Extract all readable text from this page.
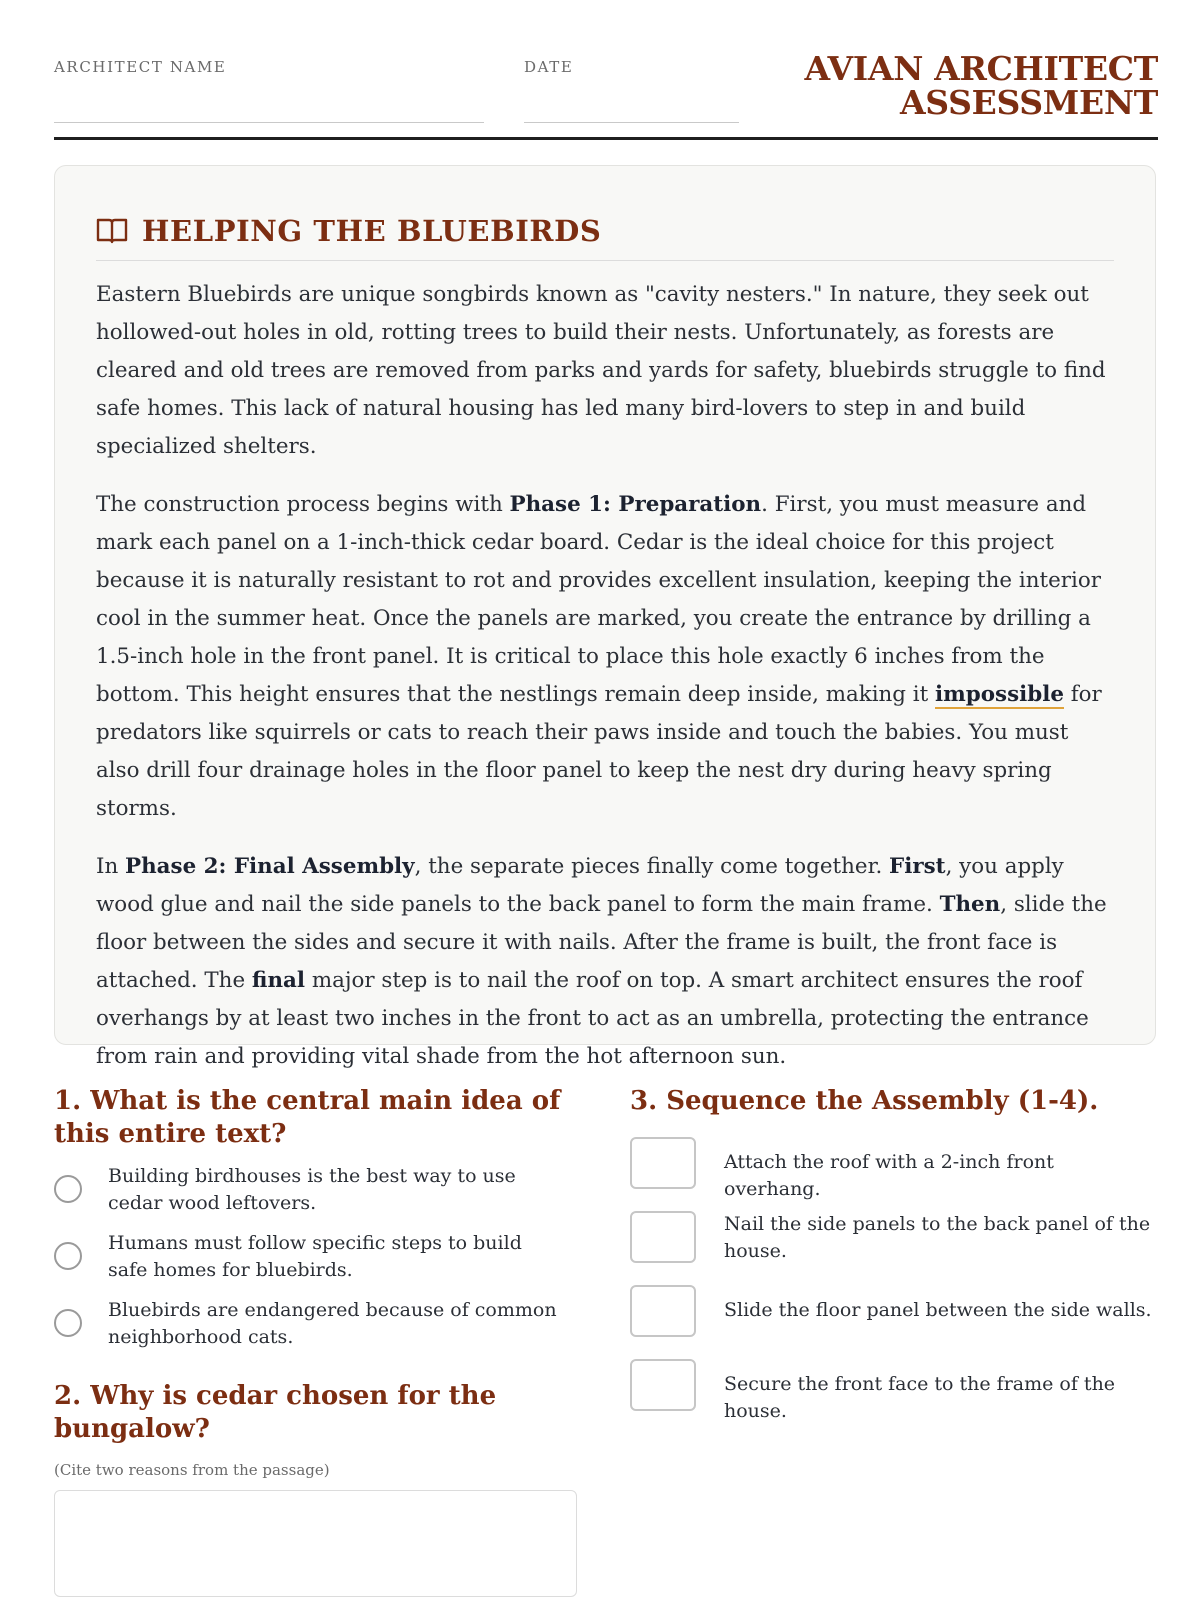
ARCHITECT NAME	DATE	AVIAN ARCHITECT
ASSESSMENT
HELPING THE BLUEBIRDS

Eastern Bluebirds are unique songbirds known as "cavity nesters." In nature, they seek out hollowed-out holes in old, rotting trees to build their nests. Unfortunately, as forests are cleared and old trees are removed from parks and yards for safety, bluebirds struggle to find safe homes. This lack of natural housing has led many bird-lovers to step in and build specialized shelters.

The construction process begins with Phase 1: Preparation. First, you must measure and mark each panel on a 1-inch-thick cedar board. Cedar is the ideal choice for this project because it is naturally resistant to rot and provides excellent insulation, keeping the interior cool in the summer heat. Once the panels are marked, you create the entrance by drilling a 1.5-inch hole in the front panel. It is critical to place this hole exactly 6 inches from the bottom. This height ensures that the nestlings remain deep inside, making it impossible for predators like squirrels or cats to reach their paws inside and touch the babies. You must also drill four drainage holes in the floor panel to keep the nest dry during heavy spring storms.

In Phase 2: Final Assembly, the separate pieces finally come together. First, you apply wood glue and nail the side panels to the back panel to form the main frame. Then, slide the floor between the sides and secure it with nails. After the frame is built, the front face is attached. The final major step is to nail the roof on top. A smart architect ensures the roof overhangs by at least two inches in the front to act as an umbrella, protecting the entrance from rain and providing vital shade from the hot afternoon sun.

1. What is the central main idea of this entire text?
Building birdhouses is the best way to use cedar wood leftovers.
Humans must follow specific steps to build safe homes for bluebirds.
Bluebirds are endangered because of common neighborhood cats.
2. Why is cedar chosen for the bungalow?
(Cite two reasons from the passage)
3. Sequence the Assembly (1-4).
Attach the roof with a 2-inch front overhang.
Nail the side panels to the back panel of the house.
Slide the floor panel between the side walls.
Secure the front face to the frame of the house.
